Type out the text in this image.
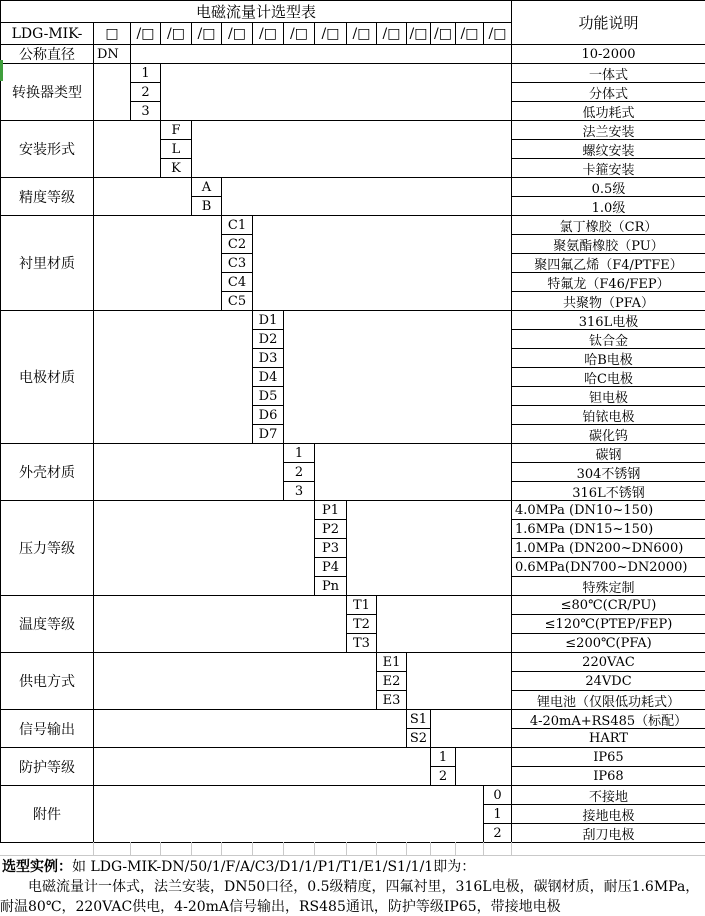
电磁流量计选型表
功能说明
LDG-MIK-	□	/□ /□ /□ /□ /□ /□ /□ /□ /□ /□ /□ /□ /□
公称直径	DN	10-2000
转换器类型
1	一体式
2	分体式
3	低功耗式
安装形式
F	法兰安装
L	螺纹安装
K	卡箍安装
精度等级
A	0.5级
B	1.0级
衬里材质
C1	氯丁橡胶（CR）
C2	聚氨酯橡胶（PU）
C3	聚四氟乙烯（F4/PTFE）
C4	特氟龙（F46/FEP）
C5	共聚物（PFA）
电极材质
D1	316L电极
D2	钛合金
D3	哈B电极
D4	哈C电极
D5	钽电极
D6	铂铱电极
D7	碳化钨
外壳材质
1	碳钢
2	304不锈钢
3	316L不锈钢
压力等级
P1	4.0MPa (DN10~150)
P2	1.6MPa (DN15~150)
P3	1.0MPa (DN200~DN600)
P4	0.6MPa(DN700~DN2000)
Pn	特殊定制
温度等级
T1	≤80℃(CR/PU)
T2	≤120℃(PTEP/FEP)
T3	≤200℃(PFA)
供电方式
E1	220VAC
E2	24VDC
E3	锂电池（仅限低功耗式）
信号输出
S1	4-20mA+RS485（标配）
S2	HART
防护等级
1	IP65
2	IP68
附件
0	不接地
1	接地电极
2	刮刀电极
选型实例：如 LDG-MIK-DN/50/1/F/A/C3/D1/1/P1/T1/E1/S1/1/1即为：

电磁流量计一体式，法兰安装，DN50口径，0.5级精度，四氟衬里，316L电极，碳钢材质，耐压1.6MPa，耐温80℃，220VAC供电，4-20mA信号输出，RS485通讯，防护等级IP65，带接地电极
